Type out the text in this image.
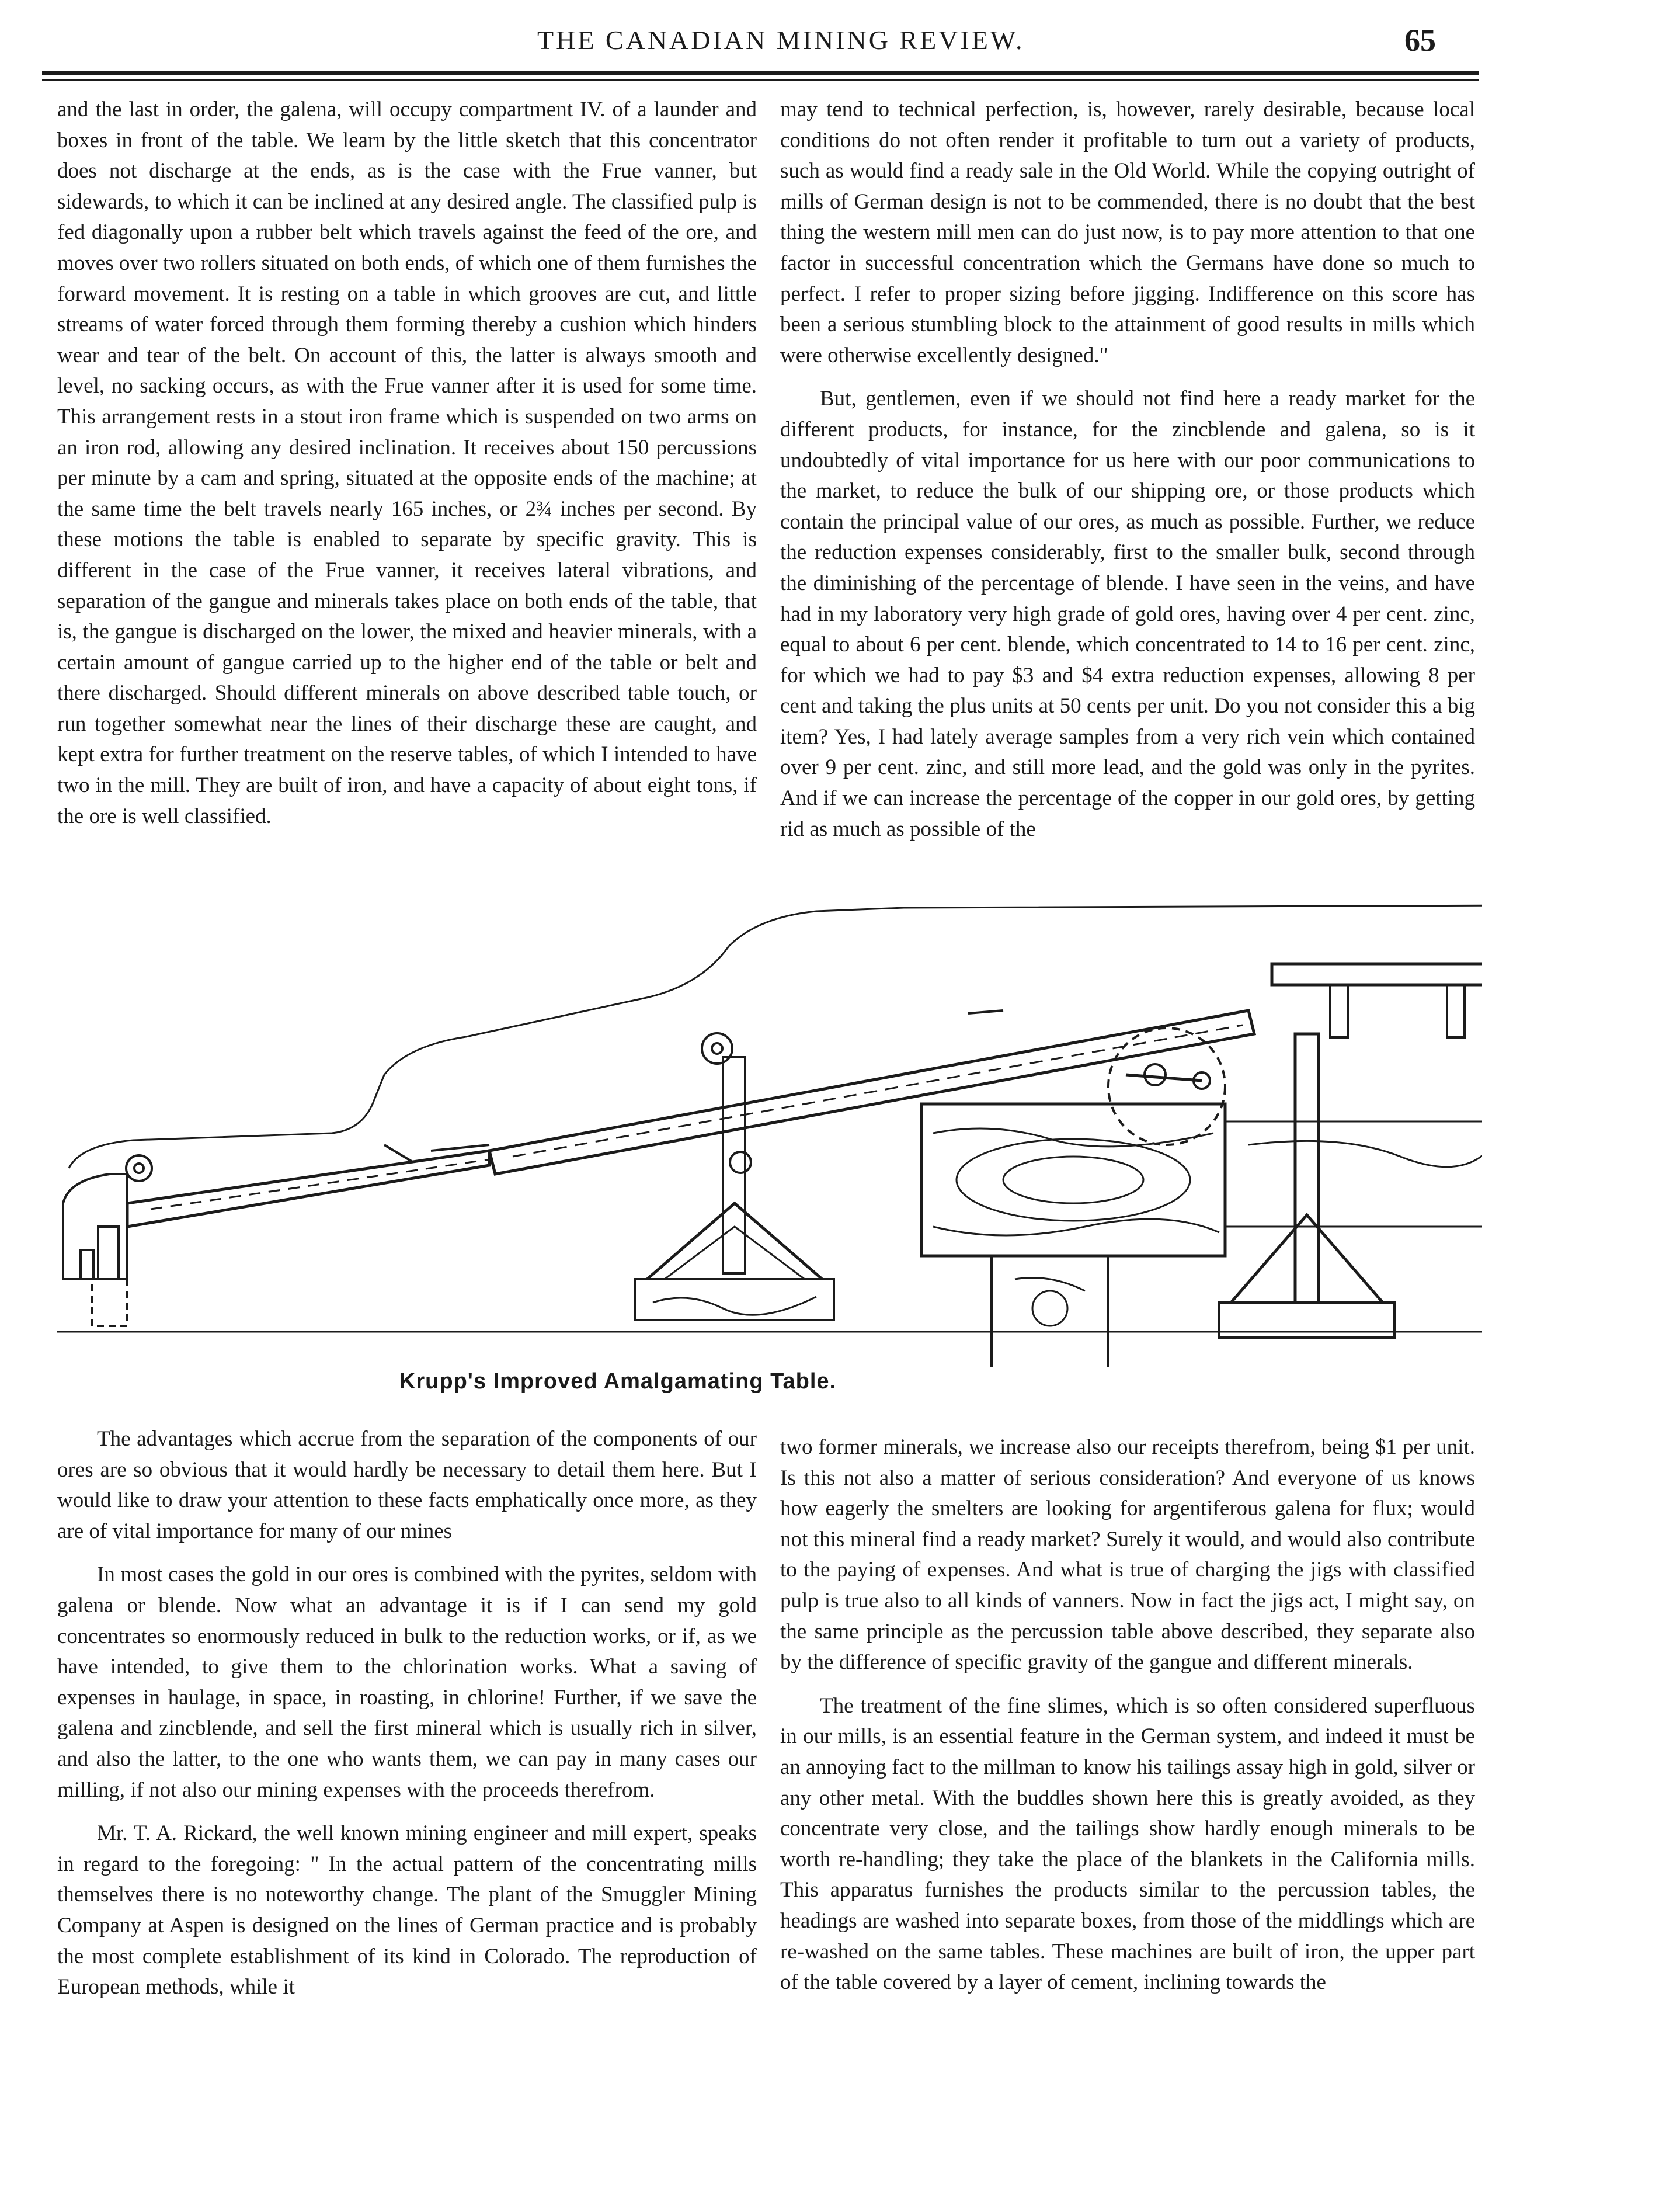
THE CANADIAN MINING REVIEW.	65

and the last in order, the galena, will occupy compartment IV. of a launder and boxes in front of the table. We learn by the little sketch that this concentrator does not discharge at the ends, as is the case with the Frue vanner, but sidewards, to which it can be inclined at any desired angle. The classified pulp is fed diagonally upon a rubber belt which travels against the feed of the ore, and moves over two rollers situated on both ends, of which one of them furnishes the forward movement. It is resting on a table in which grooves are cut, and little streams of water forced through them forming thereby a cushion which hinders wear and tear of the belt. On account of this, the latter is always smooth and level, no sacking occurs, as with the Frue vanner after it is used for some time. This arrangement rests in a stout iron frame which is suspended on two arms on an iron rod, allowing any desired inclination. It receives about 150 percussions per minute by a cam and spring, situated at the opposite ends of the machine; at the same time the belt travels nearly 165 inches, or 2¾ inches per second. By these motions the table is enabled to separate by specific gravity. This is different in the case of the Frue vanner, it receives lateral vibrations, and separation of the gangue and minerals takes place on both ends of the table, that is, the gangue is discharged on the lower, the mixed and heavier minerals, with a certain amount of gangue carried up to the higher end of the table or belt and there discharged. Should different minerals on above described table touch, or run together somewhat near the lines of their discharge these are caught, and kept extra for further treatment on the reserve tables, of which I intended to have two in the mill. They are built of iron, and have a capacity of about eight tons, if the ore is well classified.

may tend to technical perfection, is, however, rarely desirable, because local conditions do not often render it profitable to turn out a variety of products, such as would find a ready sale in the Old World. While the copying outright of mills of German design is not to be commended, there is no doubt that the best thing the western mill men can do just now, is to pay more attention to that one factor in successful concentration which the Germans have done so much to perfect. I refer to proper sizing before jigging. Indifference on this score has been a serious stumbling block to the attainment of good results in mills which were otherwise excellently designed."

But, gentlemen, even if we should not find here a ready market for the different products, for instance, for the zincblende and galena, so is it undoubtedly of vital importance for us here with our poor communications to the market, to reduce the bulk of our shipping ore, or those products which contain the principal value of our ores, as much as possible. Further, we reduce the reduction expenses considerably, first to the smaller bulk, second through the diminishing of the percentage of blende. I have seen in the veins, and have had in my laboratory very high grade of gold ores, having over 4 per cent. zinc, equal to about 6 per cent. blende, which concentrated to 14 to 16 per cent. zinc, for which we had to pay $3 and $4 extra reduction expenses, allowing 8 per cent and taking the plus units at 50 cents per unit. Do you not consider this a big item? Yes, I had lately average samples from a very rich vein which contained over 9 per cent. zinc, and still more lead, and the gold was only in the pyrites. And if we can increase the percentage of the copper in our gold ores, by getting rid as much as possible of the

Krupp's Improved Amalgamating Table.

The advantages which accrue from the separation of the components of our ores are so obvious that it would hardly be necessary to detail them here. But I would like to draw your attention to these facts emphatically once more, as they are of vital importance for many of our mines

In most cases the gold in our ores is combined with the pyrites, seldom with galena or blende. Now what an advantage it is if I can send my gold concentrates so enormously reduced in bulk to the reduction works, or if, as we have intended, to give them to the chlorination works. What a saving of expenses in haulage, in space, in roasting, in chlorine! Further, if we save the galena and zincblende, and sell the first mineral which is usually rich in silver, and also the latter, to the one who wants them, we can pay in many cases our milling, if not also our mining expenses with the proceeds therefrom.

Mr. T. A. Rickard, the well known mining engineer and mill expert, speaks in regard to the foregoing: " In the actual pattern of the concentrating mills themselves there is no noteworthy change. The plant of the Smuggler Mining Company at Aspen is designed on the lines of German practice and is probably the most complete establishment of its kind in Colorado. The reproduction of European methods, while it

two former minerals, we increase also our receipts therefrom, being $1 per unit. Is this not also a matter of serious consideration? And everyone of us knows how eagerly the smelters are looking for argentiferous galena for flux; would not this mineral find a ready market? Surely it would, and would also contribute to the paying of expenses. And what is true of charging the jigs with classified pulp is true also to all kinds of vanners. Now in fact the jigs act, I might say, on the same principle as the percussion table above described, they separate also by the difference of specific gravity of the gangue and different minerals.

The treatment of the fine slimes, which is so often considered superfluous in our mills, is an essential feature in the German system, and indeed it must be an annoying fact to the millman to know his tailings assay high in gold, silver or any other metal. With the buddles shown here this is greatly avoided, as they concentrate very close, and the tailings show hardly enough minerals to be worth re-handling; they take the place of the blankets in the California mills. This apparatus furnishes the products similar to the percussion tables, the headings are washed into separate boxes, from those of the middlings which are re-washed on the same tables. These machines are built of iron, the upper part of the table covered by a layer of cement, inclining towards the
